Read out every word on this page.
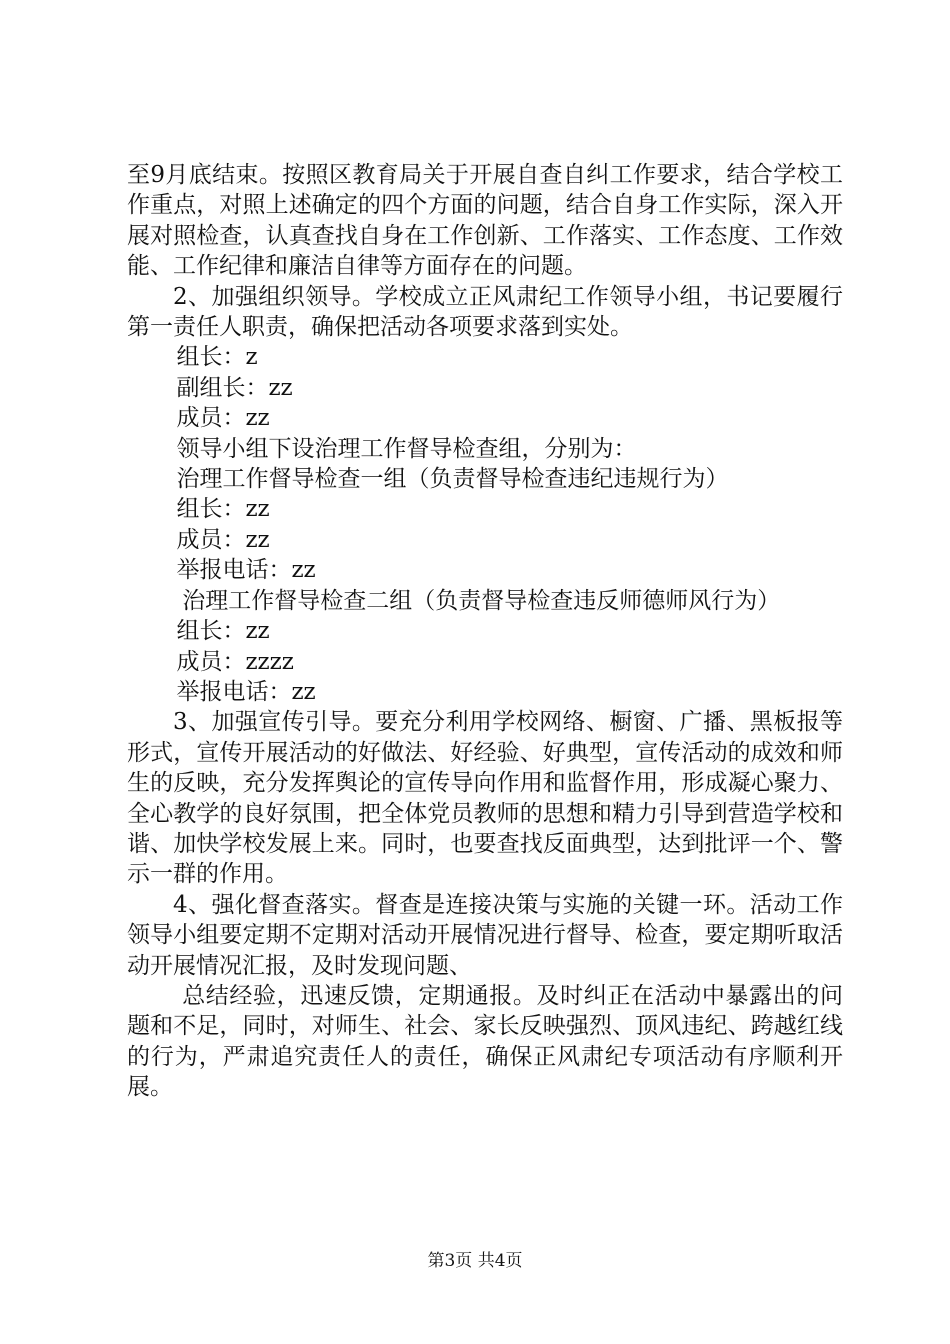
至9月底结束。按照区教育局关于开展自查自纠工作要求，结合学校工作重点，对照上述确定的四个方面的问题，结合自身工作实际，深入开展对照检查，认真查找自身在工作创新、工作落实、工作态度、工作效能、工作纪律和廉洁自律等方面存在的问题。

2、加强组织领导。学校成立正风肃纪工作领导小组，书记要履行第一责任人职责，确保把活动各项要求落到实处。

组长：z

副组长：zz

成员：zz

领导小组下设治理工作督导检查组，分别为：

治理工作督导检查一组（负责督导检查违纪违规行为）

组长：zz

成员：zz

举报电话：zz

治理工作督导检查二组（负责督导检查违反师德师风行为）

组长：zz

成员：zzzz

举报电话：zz

3、加强宣传引导。要充分利用学校网络、橱窗、广播、黑板报等形式，宣传开展活动的好做法、好经验、好典型，宣传活动的成效和师生的反映，充分发挥舆论的宣传导向作用和监督作用，形成凝心聚力、全心教学的良好氛围，把全体党员教师的思想和精力引导到营造学校和谐、加快学校发展上来。同时，也要查找反面典型，达到批评一个、警示一群的作用。

4、强化督查落实。督查是连接决策与实施的关键一环。活动工作领导小组要定期不定期对活动开展情况进行督导、检查，要定期听取活动开展情况汇报，及时发现问题、

总结经验，迅速反馈，定期通报。及时纠正在活动中暴露出的问题和不足，同时，对师生、社会、家长反映强烈、顶风违纪、跨越红线的行为，严肃追究责任人的责任，确保正风肃纪专项活动有序顺利开展。

第3页 共4页
